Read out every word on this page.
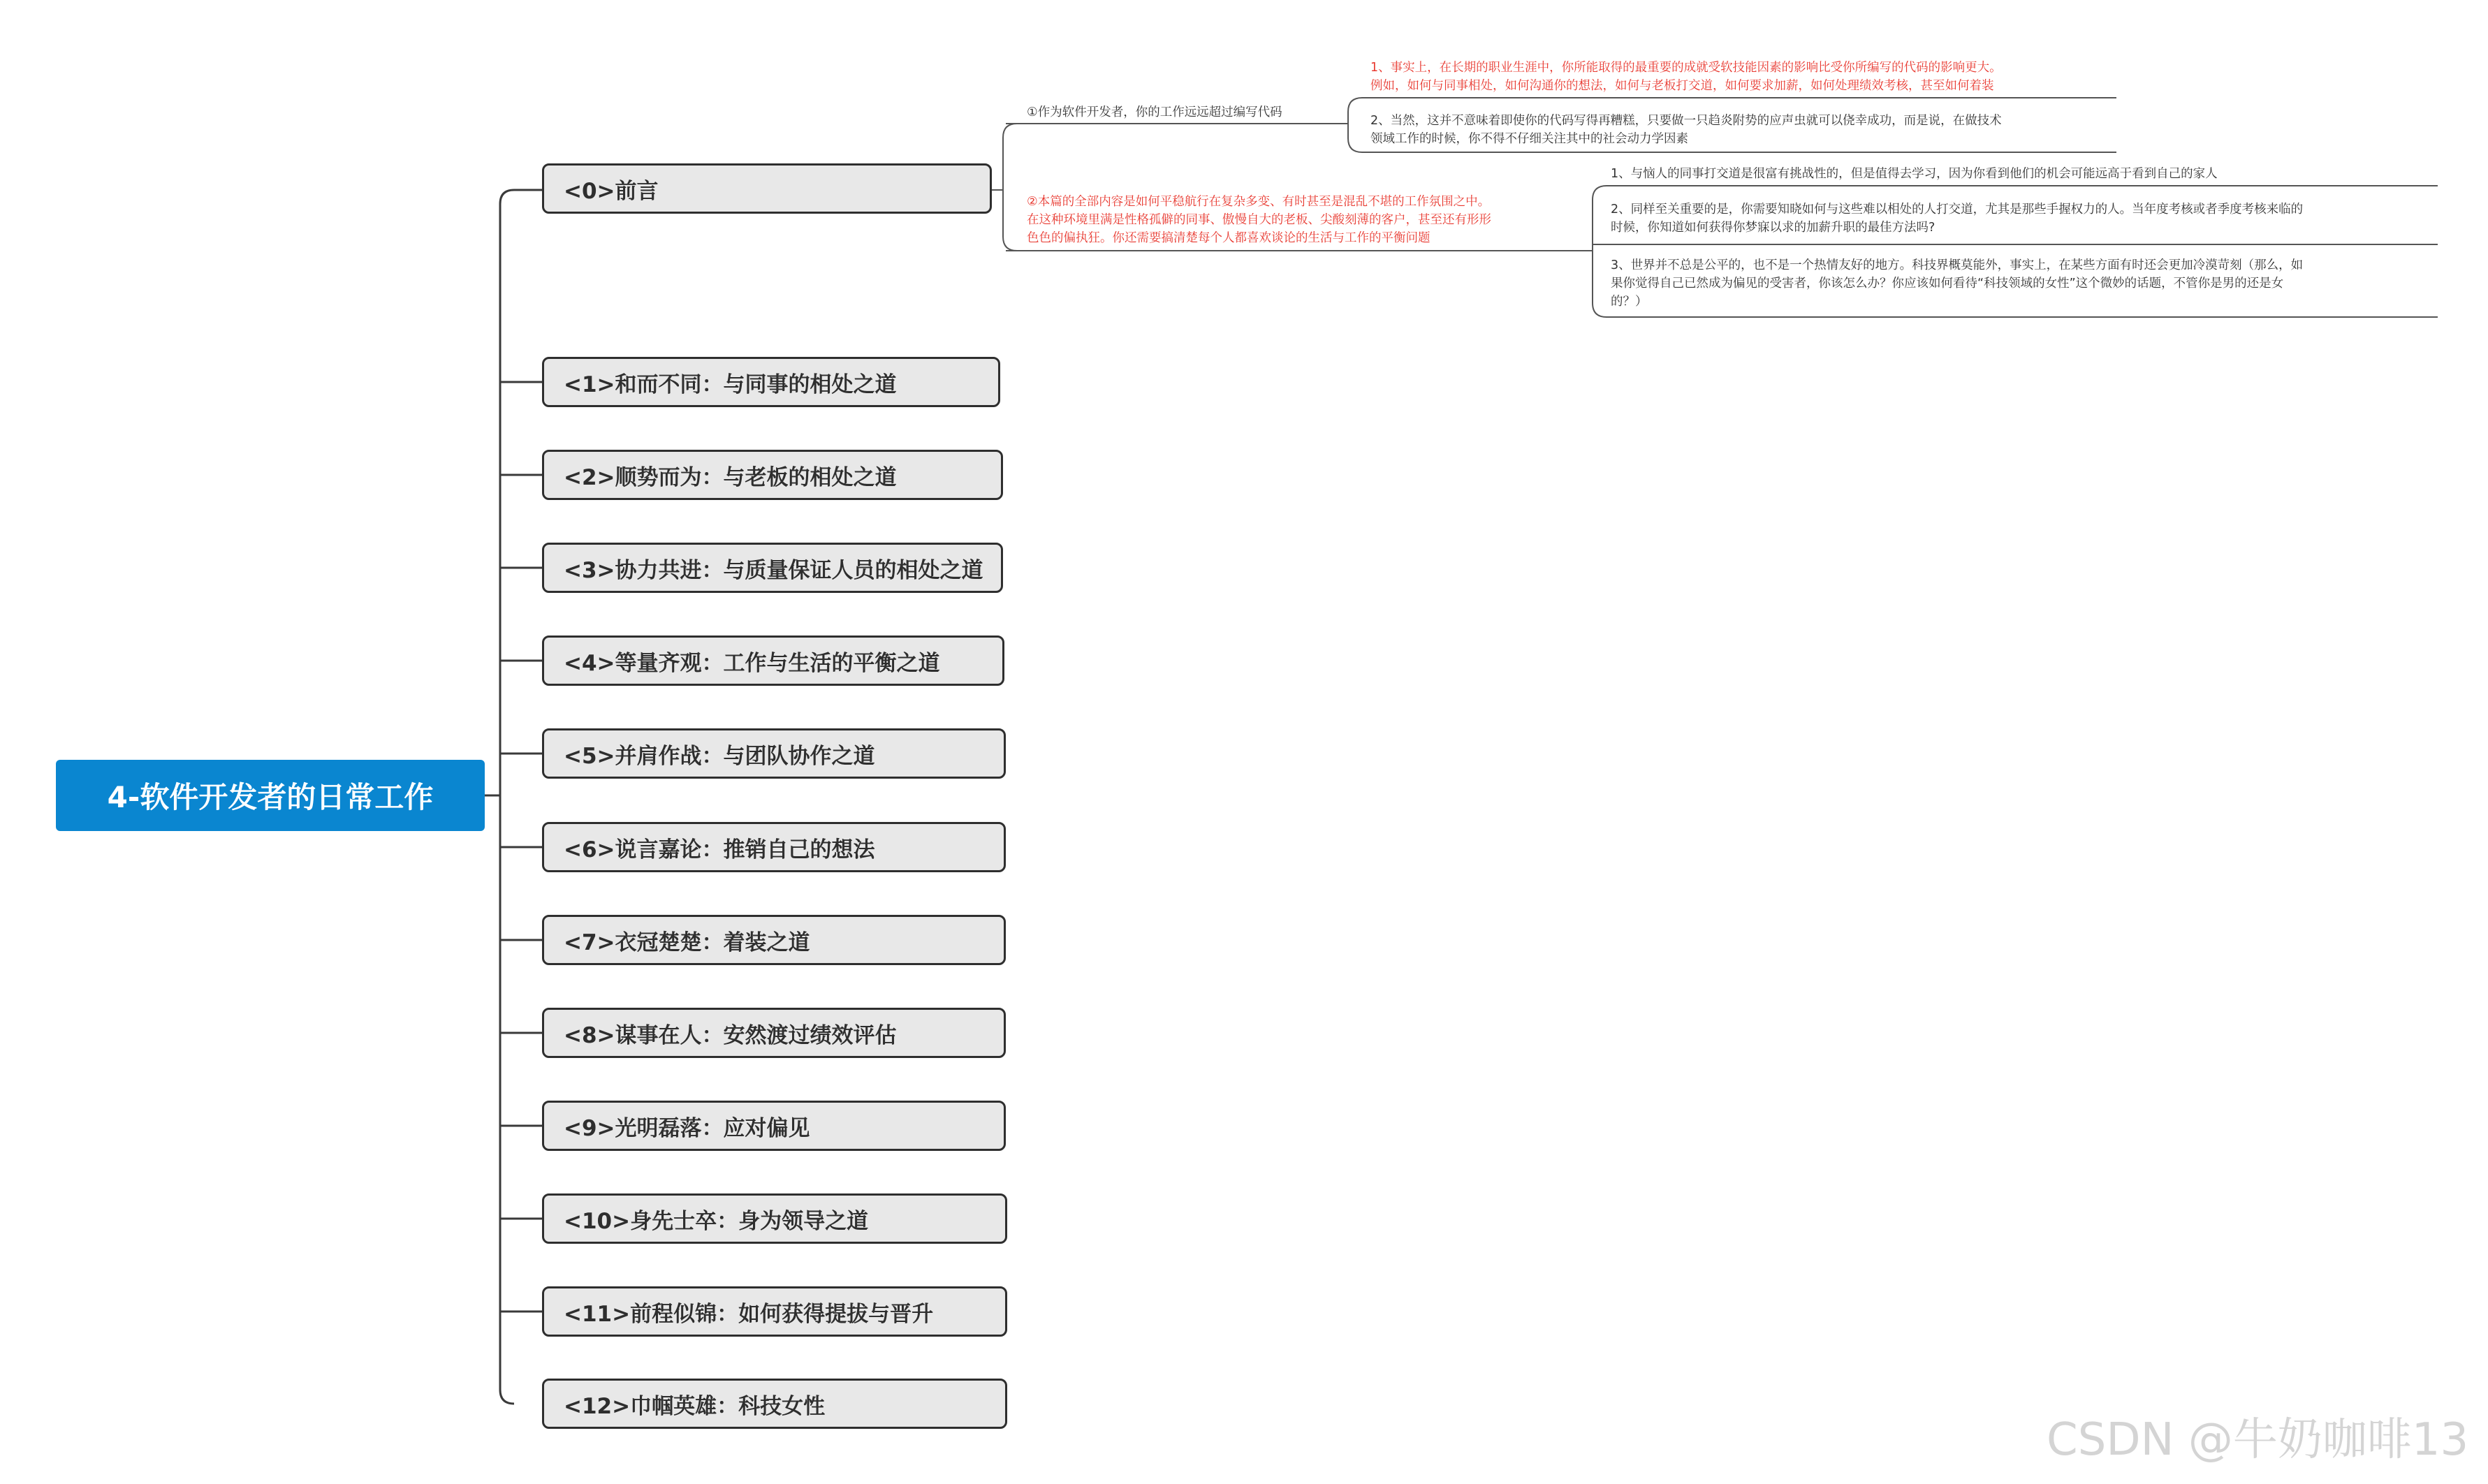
4-软件开发者的日常工作
<0>前言
<1>和而不同：与同事的相处之道
<2>顺势而为：与老板的相处之道
<3>协力共进：与质量保证人员的相处之道
<4>等量齐观：工作与生活的平衡之道
<5>并肩作战：与团队协作之道
<6>说言嘉论：推销自己的想法
<7>衣冠楚楚：着装之道
<8>谋事在人：安然渡过绩效评估
<9>光明磊落：应对偏见
<10>身先士卒：身为领导之道
<11>前程似锦：如何获得提拔与晋升
<12>巾帼英雄：科技女性
①作为软件开发者，你的工作远远超过编写代码
1、事实上，在长期的职业生涯中，你所能取得的最重要的成就受软技能因素的影响比受你所编写的代码的影响更大。
例如，如何与同事相处，如何沟通你的想法，如何与老板打交道，如何要求加薪，如何处理绩效考核，甚至如何着装
2、当然，这并不意味着即使你的代码写得再糟糕，只要做一只趋炎附势的应声虫就可以侥幸成功，而是说，在做技术
领域工作的时候，你不得不仔细关注其中的社会动力学因素
②本篇的全部内容是如何平稳航行在复杂多变、有时甚至是混乱不堪的工作氛围之中。
在这种环境里满是性格孤僻的同事、傲慢自大的老板、尖酸刻薄的客户，甚至还有形形
色色的偏执狂。你还需要搞清楚每个人都喜欢谈论的生活与工作的平衡问题
1、与恼人的同事打交道是很富有挑战性的，但是值得去学习，因为你看到他们的机会可能远高于看到自己的家人
2、同样至关重要的是，你需要知晓如何与这些难以相处的人打交道，尤其是那些手握权力的人。当年度考核或者季度考核来临的
时候，你知道如何获得你梦寐以求的加薪升职的最佳方法吗?
3、世界并不总是公平的，也不是一个热情友好的地方。科技界概莫能外，事实上，在某些方面有时还会更加冷漠苛刻（那么，如
果你觉得自己已然成为偏见的受害者，你该怎么办？你应该如何看待“科技领域的女性”这个微妙的话题，不管你是男的还是女
的？）
CSDN @牛奶咖啡13
